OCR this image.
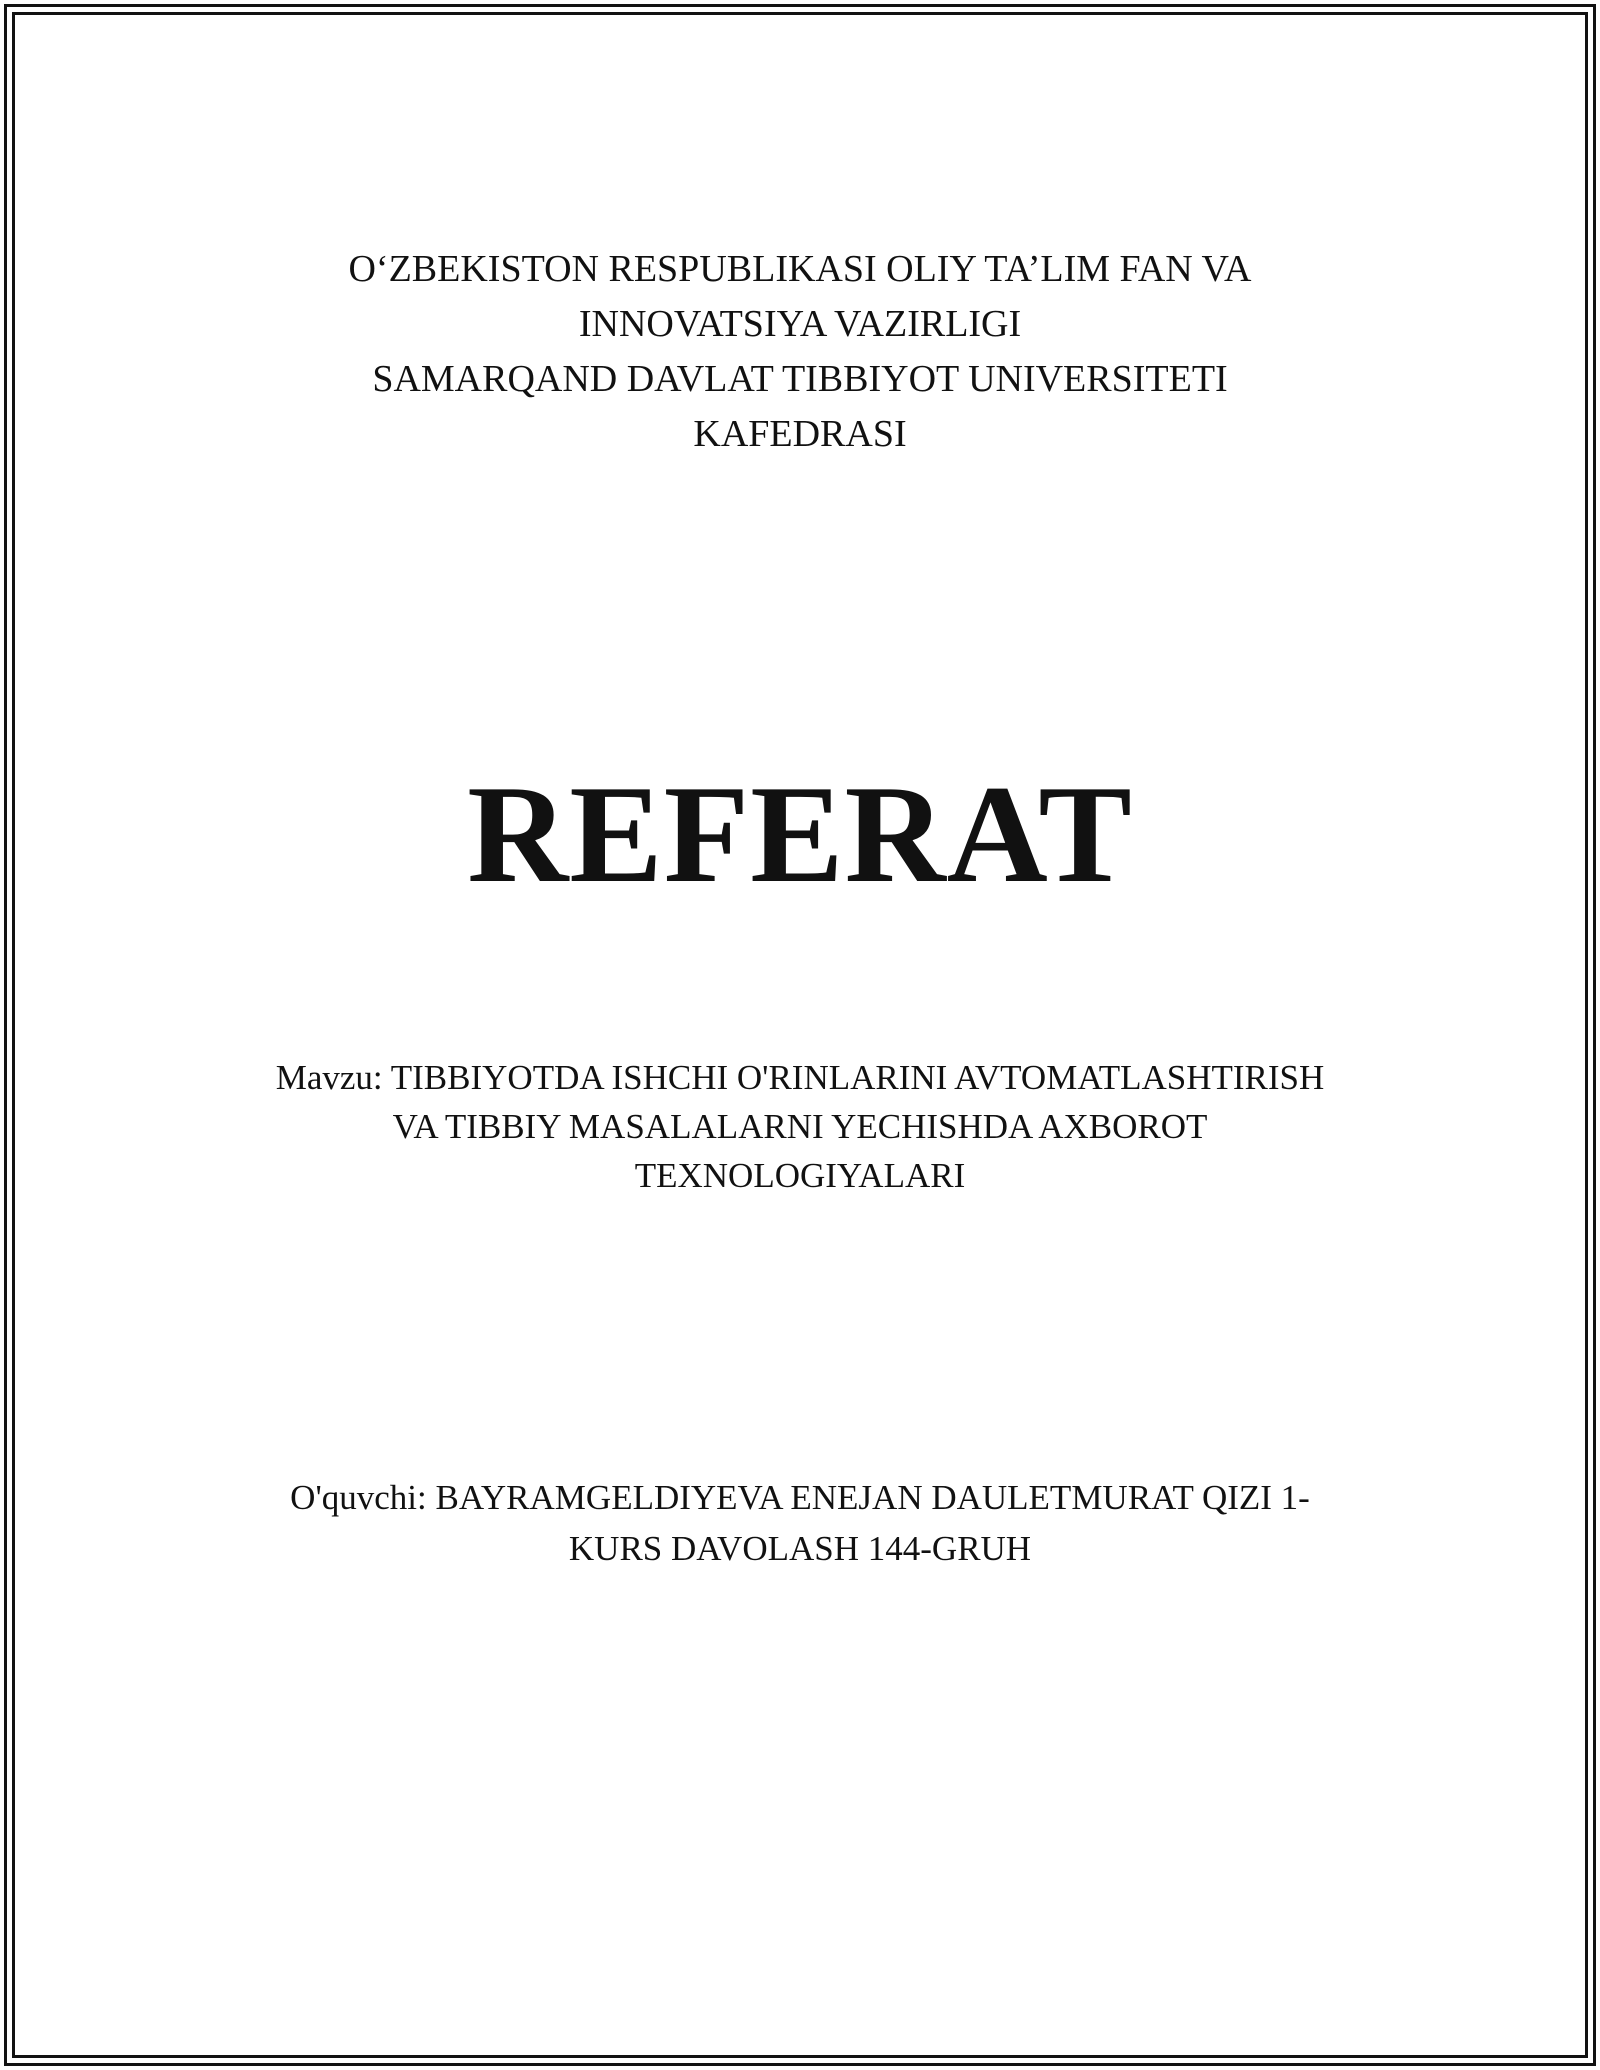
O‘ZBEKISTON RESPUBLIKASI OLIY TA’LIM FAN VA
INNOVATSIYA VAZIRLIGI
SAMARQAND DAVLAT TIBBIYOT UNIVERSITETI
KAFEDRASI
REFERAT
Mavzu: TIBBIYOTDA ISHCHI O'RINLARINI AVTOMATLASHTIRISH
VA TIBBIY MASALALARNI YECHISHDA AXBOROT
TEXNOLOGIYALARI
O'quvchi: BAYRAMGELDIYEVA ENEJAN DAULETMURAT QIZI 1-
KURS DAVOLASH 144-GRUH
